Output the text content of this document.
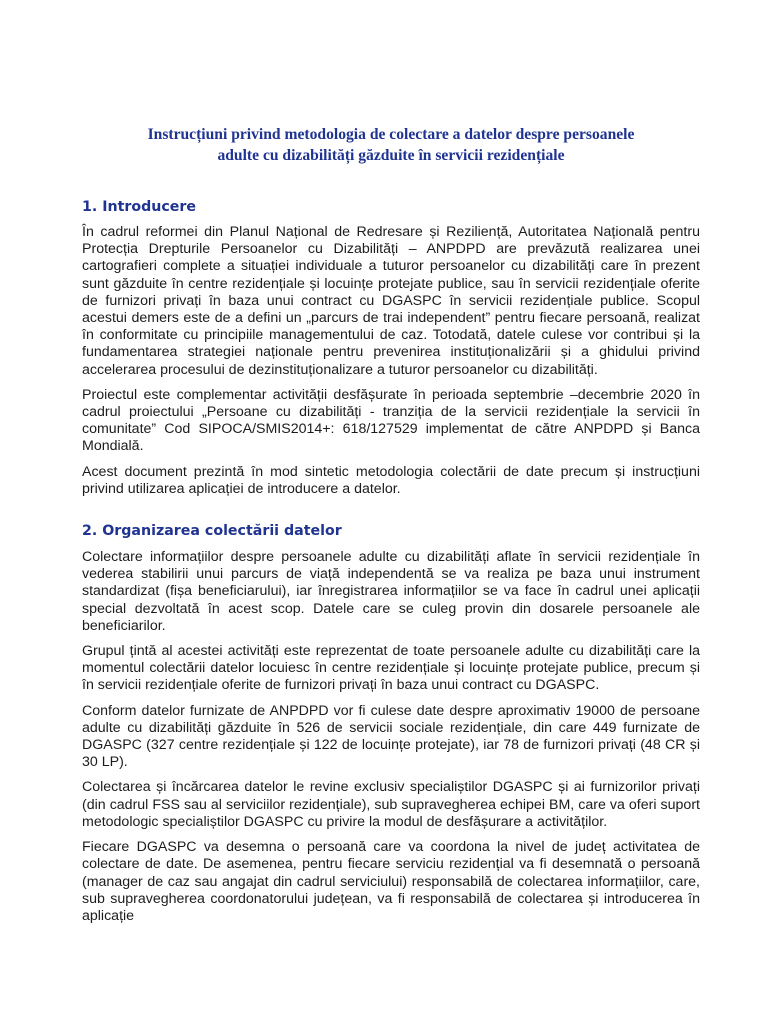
Instrucțiuni privind metodologia de colectare a datelor despre persoanele
adulte cu dizabilități găzduite în servicii rezidențiale
1. Introducere

În cadrul reformei din Planul Național de Redresare și Reziliență, Autoritatea Națională pentru Protecția Drepturile Persoanelor cu Dizabilități – ANPDPD are prevăzută realizarea unei cartografieri complete a situației individuale a tuturor persoanelor cu dizabilități care în prezent sunt găzduite în centre rezidențiale și locuințe protejate publice, sau în servicii rezidențiale oferite de furnizori privați în baza unui contract cu DGASPC în servicii rezidențiale publice. Scopul acestui demers este de a defini un „parcurs de trai independent” pentru fiecare persoană, realizat în conformitate cu principiile managementului de caz. Totodată, datele culese vor contribui și la fundamentarea strategiei naționale pentru prevenirea instituționalizării și a ghidului privind accelerarea procesului de dezinstituționalizare a tuturor persoanelor cu dizabilități.

Proiectul este complementar activității desfășurate în perioada septembrie –decembrie 2020 în cadrul proiectului „Persoane cu dizabilități - tranziția de la servicii rezidențiale la servicii în comunitate” Cod SIPOCA/SMIS2014+: 618/127529 implementat de către ANPDPD și Banca Mondială.

Acest document prezintă în mod sintetic metodologia colectării de date precum și instrucțiuni privind utilizarea aplicației de introducere a datelor.

2. Organizarea colectării datelor

Colectare informațiilor despre persoanele adulte cu dizabilități aflate în servicii rezidențiale în vederea stabilirii unui parcurs de viață independentă se va realiza pe baza unui instrument standardizat (fișa beneficiarului), iar înregistrarea informațiilor se va face în cadrul unei aplicații special dezvoltată în acest scop. Datele care se culeg provin din dosarele persoanele ale beneficiarilor.

Grupul țintă al acestei activități este reprezentat de toate persoanele adulte cu dizabilități care la momentul colectării datelor locuiesc în centre rezidențiale și locuințe protejate publice, precum și în servicii rezidențiale oferite de furnizori privați în baza unui contract cu DGASPC.

Conform datelor furnizate de ANPDPD vor fi culese date despre aproximativ 19000 de persoane adulte cu dizabilități găzduite în 526 de servicii sociale rezidențiale, din care 449 furnizate de DGASPC (327 centre rezidențiale și 122 de locuințe protejate), iar 78 de furnizori privați (48 CR și 30 LP).

Colectarea și încărcarea datelor le revine exclusiv specialiștilor DGASPC și ai furnizorilor privați (din cadrul FSS sau al serviciilor rezidențiale), sub supravegherea echipei BM, care va oferi suport metodologic specialiștilor DGASPC cu privire la modul de desfășurare a activităților.

Fiecare DGASPC va desemna o persoană care va coordona la nivel de județ activitatea de colectare de date. De asemenea, pentru fiecare serviciu rezidențial va fi desemnată o persoană (manager de caz sau angajat din cadrul serviciului) responsabilă de colectarea informațiilor, care, sub supravegherea coordonatorului județean, va fi responsabilă de colectarea și introducerea în aplicație
